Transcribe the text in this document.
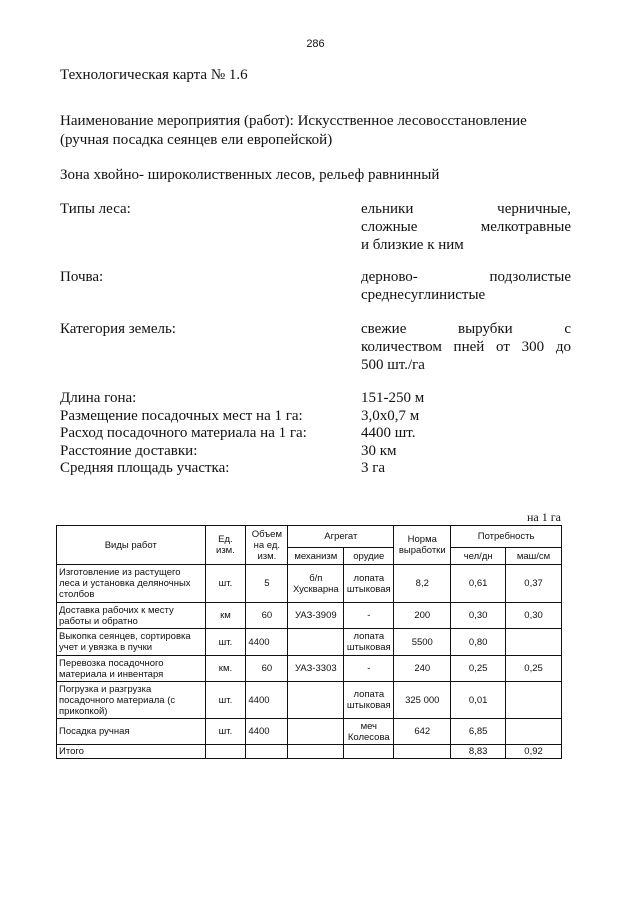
286
Технологическая карта № 1.6
Наименование мероприятия (работ): Искусственное лесовосстановление
(ручная посадка сеянцев ели европейской)
Зона хвойно- широколиственных лесов, рельеф равнинный
Типы леса:	ельники черничные,
сложные мелкотравные
и близкие к ним
Почва:	дерново- подзолистые
среднесуглинистые
Категория земель:	свежие вырубки с
количеством пней от 300 до
500 шт./га
Длина гона:	151-250 м
Размещение посадочных мест на 1 га:	3,0х0,7 м
Расход посадочного материала на 1 га:	4400 шт.
Расстояние доставки:	30 км
Средняя площадь участка:	3 га
на 1 га
Виды работ	Ед. изм.	Объем на ед. изм.	Агрегат		Норма выработки	Потребность	
			механизм	орудие		чел/дн	маш/см
Изготовление из растущего леса и установка деляночных столбов	шт.	5	б/п Хускварна	лопата штыковая	8,2	0,61	0,37
Доставка рабочих к месту работы и обратно	км	60	УАЗ-3909	-	200	0,30	0,30
Выкопка сеянцев, сортировка учет и увязка в пучки	шт.	4400		лопата штыковая	5500	0,80	
Перевозка посадочного материала и инвентаря	км.	60	УАЗ-3303	-	240	0,25	0,25
Погрузка и разгрузка посадочного материала (с прикопкой)	шт.	4400		лопата штыковая	325 000	0,01	
Посадка ручная	шт.	4400		меч Колесова	642	6,85	
Итого						8,83	0,92
